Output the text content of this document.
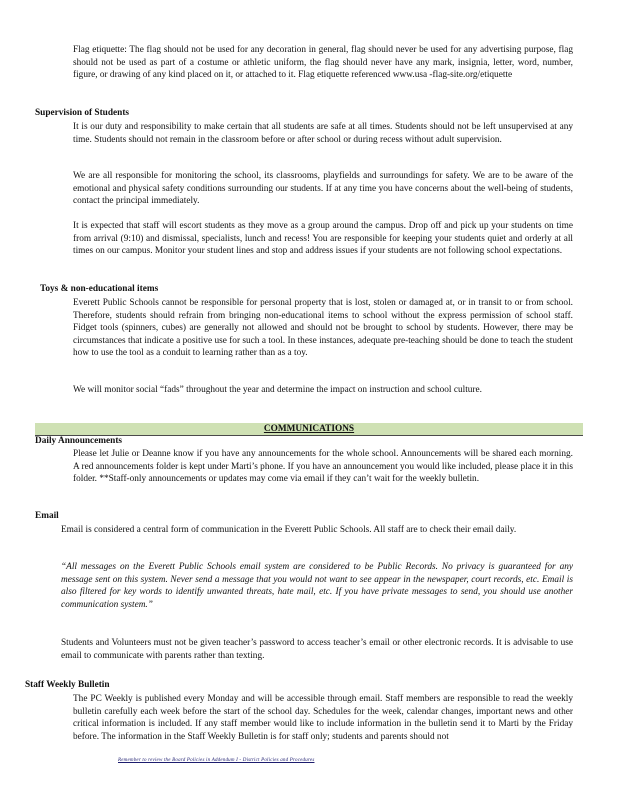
Flag etiquette: The flag should not be used for any decoration in general, flag should never be used for any advertising purpose, flag should not be used as part of a costume or athletic uniform, the flag should never have any mark, insignia, letter, word, number, figure, or drawing of any kind placed on it, or attached to it. Flag etiquette referenced www.usa -flag-site.org/etiquette

Supervision of Students

It is our duty and responsibility to make certain that all students are safe at all times. Students should not be left unsupervised at any time. Students should not remain in the classroom before or after school or during recess without adult supervision.

We are all responsible for monitoring the school, its classrooms, playfields and surroundings for safety. We are to be aware of the emotional and physical safety conditions surrounding our students. If at any time you have concerns about the well-being of students, contact the principal immediately.

It is expected that staff will escort students as they move as a group around the campus. Drop off and pick up your students on time from arrival (9:10) and dismissal, specialists, lunch and recess! You are responsible for keeping your students quiet and orderly at all times on our campus. Monitor your student lines and stop and address issues if your students are not following school expectations.

Toys & non-educational items

Everett Public Schools cannot be responsible for personal property that is lost, stolen or damaged at, or in transit to or from school. Therefore, students should refrain from bringing non-educational items to school without the express permission of school staff. Fidget tools (spinners, cubes) are generally not allowed and should not be brought to school by students. However, there may be circumstances that indicate a positive use for such a tool. In these instances, adequate pre-teaching should be done to teach the student how to use the tool as a conduit to learning rather than as a toy.

We will monitor social “fads” throughout the year and determine the impact on instruction and school culture.

COMMUNICATIONS

Daily Announcements

Please let Julie or Deanne know if you have any announcements for the whole school. Announcements will be shared each morning. A red announcements folder is kept under Marti’s phone. If you have an announcement you would like included, please place it in this folder. **Staff-only announcements or updates may come via email if they can’t wait for the weekly bulletin.

Email

Email is considered a central form of communication in the Everett Public Schools. All staff are to check their email daily.

“All messages on the Everett Public Schools email system are considered to be Public Records. No privacy is guaranteed for any message sent on this system. Never send a message that you would not want to see appear in the newspaper, court records, etc. Email is also filtered for key words to identify unwanted threats, hate mail, etc. If you have private messages to send, you should use another communication system.”

Students and Volunteers must not be given teacher’s password to access teacher’s email or other electronic records. It is advisable to use email to communicate with parents rather than texting.

Staff Weekly Bulletin

The PC Weekly is published every Monday and will be accessible through email. Staff members are responsible to read the weekly bulletin carefully each week before the start of the school day. Schedules for the week, calendar changes, important news and other critical information is included. If any staff member would like to include information in the bulletin send it to Marti by the Friday before. The information in the Staff Weekly Bulletin is for staff only; students and parents should not

Remember to review the Board Policies in Addendum I - District Policies and Procedures
